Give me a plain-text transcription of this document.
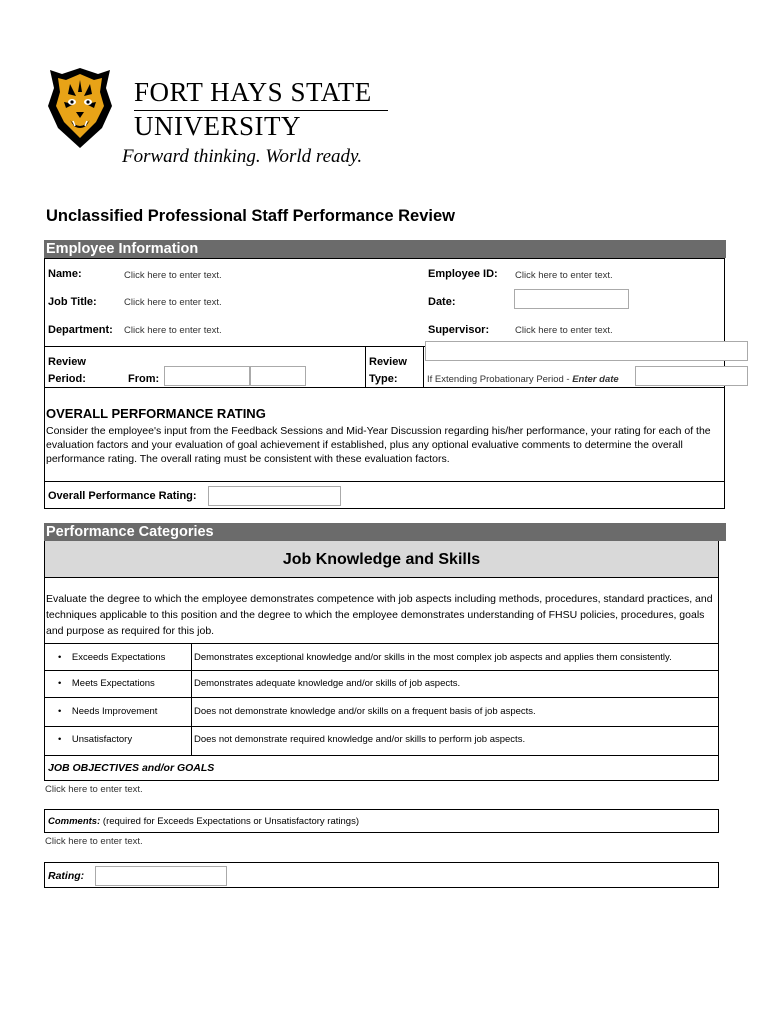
FORT HAYS STATE
UNIVERSITY
Forward thinking. World ready.
Unclassified Professional Staff Performance Review
Employee Information
Name:	Click here to enter text.	Employee ID: Click here to enter text.
Job Title:	Click here to enter text.	Date:
Department: Click here to enter text.	Supervisor:	Click here to enter text.
Review
Period:	From:
Review
Type:	If Extending Probationary Period - Enter date
OVERALL PERFORMANCE RATING
Consider the employee's input from the Feedback Sessions and Mid-Year Discussion regarding his/her performance, your rating for each of the evaluation factors and your evaluation of goal achievement if established, plus any optional evaluative comments to determine the overall performance rating. The overall rating must be consistent with these evaluation factors.
Overall Performance Rating:
Performance Categories
Job Knowledge and Skills
Evaluate the degree to which the employee demonstrates competence with job aspects including methods, procedures, standard practices, and techniques applicable to this position and the degree to which the employee demonstrates understanding of FHSU policies, procedures, goals and purpose as required for this job.
• Exceeds Expectations	Demonstrates exceptional knowledge and/or skills in the most complex job aspects and applies them consistently.
• Meets Expectations	Demonstrates adequate knowledge and/or skills of job aspects.
• Needs Improvement	Does not demonstrate knowledge and/or skills on a frequent basis of job aspects.
• Unsatisfactory	Does not demonstrate required knowledge and/or skills to perform job aspects.
JOB OBJECTIVES and/or GOALS
Click here to enter text.
Comments: (required for Exceeds Expectations or Unsatisfactory ratings)
Click here to enter text.
Rating:
